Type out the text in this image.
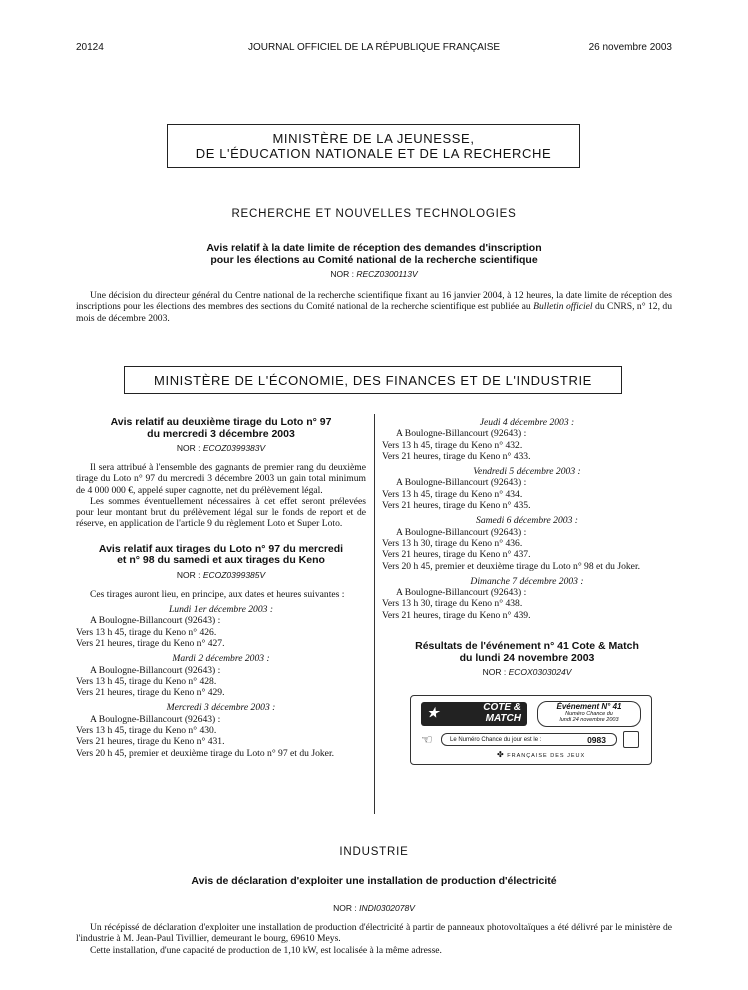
20124	JOURNAL OFFICIEL DE LA RÉPUBLIQUE FRANÇAISE	26 novembre 2003
MINISTÈRE DE LA JEUNESSE,
DE L'ÉDUCATION NATIONALE ET DE LA RECHERCHE
RECHERCHE ET NOUVELLES TECHNOLOGIES
Avis relatif à la date limite de réception des demandes d'inscription
pour les élections au Comité national de la recherche scientifique
NOR : RECZ0300113V
Une décision du directeur général du Centre national de la recherche scientifique fixant au 16 janvier 2004, à 12 heures, la date limite de réception des inscriptions pour les élections des membres des sections du Comité national de la recherche scientifique est publiée au Bulletin officiel du CNRS, n° 12, du mois de décembre 2003.
MINISTÈRE DE L'ÉCONOMIE, DES FINANCES ET DE L'INDUSTRIE
Avis relatif au deuxième tirage du Loto n° 97
du mercredi 3 décembre 2003
NOR : ECOZ0399383V
Il sera attribué à l'ensemble des gagnants de premier rang du deuxième tirage du Loto n° 97 du mercredi 3 décembre 2003 un gain total minimum de 4 000 000 €, appelé super cagnotte, net du prélèvement légal.
Les sommes éventuellement nécessaires à cet effet seront prélevées pour leur montant brut du prélèvement légal sur le fonds de report et de réserve, en application de l'article 9 du règlement Loto et Super Loto.
Avis relatif aux tirages du Loto n° 97 du mercredi
et n° 98 du samedi et aux tirages du Keno
NOR : ECOZ0399385V
Ces tirages auront lieu, en principe, aux dates et heures suivantes :
Lundi 1er décembre 2003 :
A Boulogne-Billancourt (92643) :
Vers 13 h 45, tirage du Keno n° 426.
Vers 21 heures, tirage du Keno n° 427.
Mardi 2 décembre 2003 :
A Boulogne-Billancourt (92643) :
Vers 13 h 45, tirage du Keno n° 428.
Vers 21 heures, tirage du Keno n° 429.
Mercredi 3 décembre 2003 :
A Boulogne-Billancourt (92643) :
Vers 13 h 45, tirage du Keno n° 430.
Vers 21 heures, tirage du Keno n° 431.
Vers 20 h 45, premier et deuxième tirage du Loto n° 97 et du Joker.
Jeudi 4 décembre 2003 :
A Boulogne-Billancourt (92643) :
Vers 13 h 45, tirage du Keno n° 432.
Vers 21 heures, tirage du Keno n° 433.
Vendredi 5 décembre 2003 :
A Boulogne-Billancourt (92643) :
Vers 13 h 45, tirage du Keno n° 434.
Vers 21 heures, tirage du Keno n° 435.
Samedi 6 décembre 2003 :
A Boulogne-Billancourt (92643) :
Vers 13 h 30, tirage du Keno n° 436.
Vers 21 heures, tirage du Keno n° 437.
Vers 20 h 45, premier et deuxième tirage du Loto n° 98 et du Joker.
Dimanche 7 décembre 2003 :
A Boulogne-Billancourt (92643) :
Vers 13 h 30, tirage du Keno n° 438.
Vers 21 heures, tirage du Keno n° 439.
Résultats de l'événement n° 41 Cote & Match
du lundi 24 novembre 2003
NOR : ECOX0303024V
COTE &
MATCH
★	Événement N° 41
Numéro Chance du
lundi 24 novembre 2003
☜	Le Numéro Chance du jour est le :	0983
✤ FRANÇAISE DES JEUX
INDUSTRIE
Avis de déclaration d'exploiter une installation de production d'électricité
NOR : INDI0302078V
Un récépissé de déclaration d'exploiter une installation de production d'électricité à partir de panneaux photovoltaïques a été délivré par le ministère de l'industrie à M. Jean-Paul Tivillier, demeurant le bourg, 69610 Meys.
Cette installation, d'une capacité de production de 1,10 kW, est localisée à la même adresse.
